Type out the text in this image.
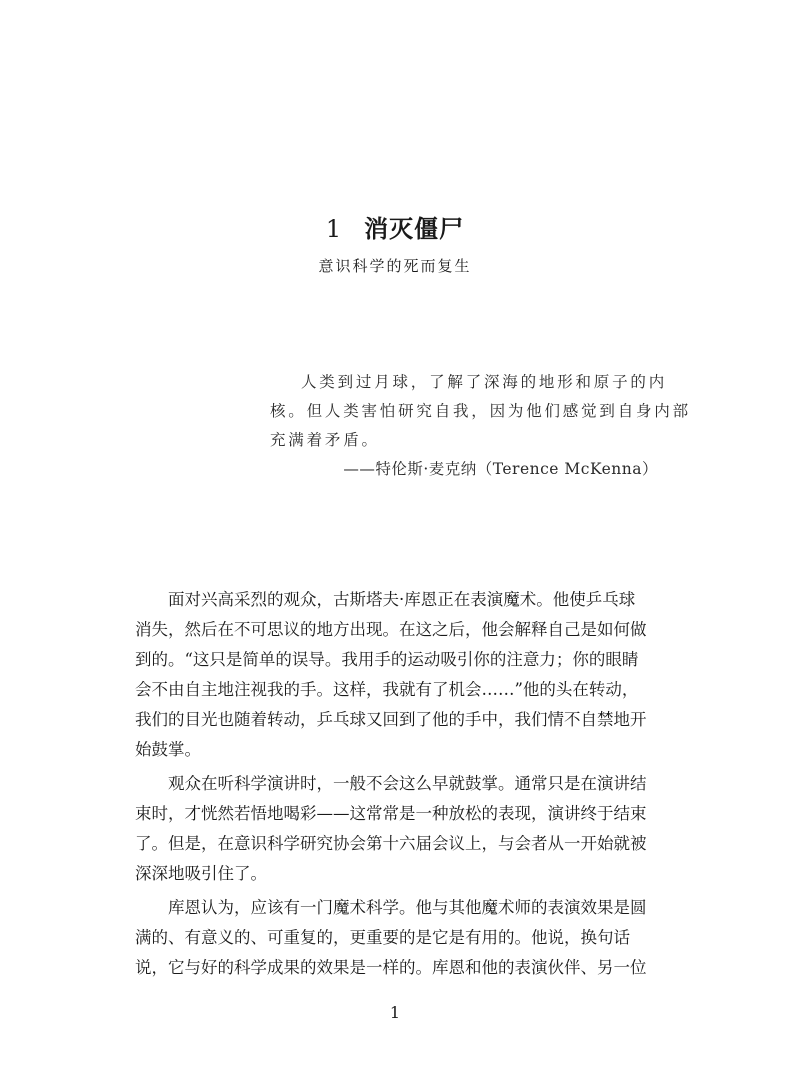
1 消灭僵尸
意识科学的死而复生
人类到过月球，了解了深海的地形和原子的内
核。但人类害怕研究自我，因为他们感觉到自身内部
充满着矛盾。
——特伦斯·麦克纳（Terence McKenna）

面对兴高采烈的观众，古斯塔夫·库恩正在表演魔术。他使乒乓球
消失，然后在不可思议的地方出现。在这之后，他会解释自己是如何做
到的。“这只是简单的误导。我用手的运动吸引你的注意力；你的眼睛
会不由自主地注视我的手。这样，我就有了机会……”他的头在转动，
我们的目光也随着转动，乒乓球又回到了他的手中，我们情不自禁地开
始鼓掌。

观众在听科学演讲时，一般不会这么早就鼓掌。通常只是在演讲结
束时，才恍然若悟地喝彩——这常常是一种放松的表现，演讲终于结束
了。但是，在意识科学研究协会第十六届会议上，与会者从一开始就被
深深地吸引住了。

库恩认为，应该有一门魔术科学。他与其他魔术师的表演效果是圆
满的、有意义的、可重复的，更重要的是它是有用的。他说，换句话
说，它与好的科学成果的效果是一样的。库恩和他的表演伙伴、另一位

1
